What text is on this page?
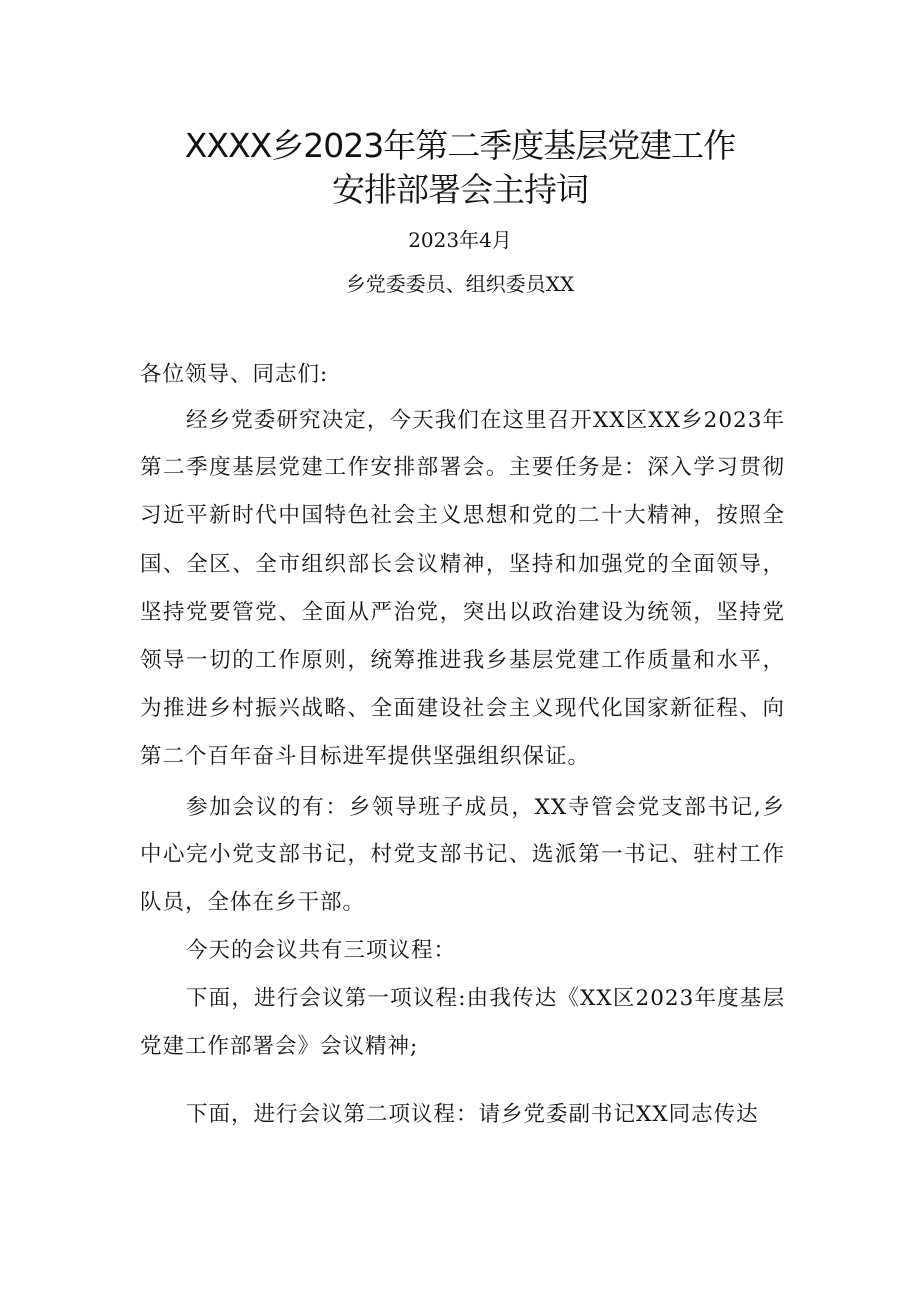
XXXX乡2023年第二季度基层党建工作
安排部署会主持词
2023年4月
乡党委委员、组织委员XX
各位领导、同志们:
经乡党委研究决定，今天我们在这里召开XX区XX乡2023年
第二季度基层党建工作安排部署会。主要任务是：深入学习贯彻
习近平新时代中国特色社会主义思想和党的二十大精神，按照全
国、全区、全市组织部长会议精神，坚持和加强党的全面领导，
坚持党要管党、全面从严治党，突出以政治建设为统领，坚持党
领导一切的工作原则，统筹推进我乡基层党建工作质量和水平，
为推进乡村振兴战略、全面建设社会主义现代化国家新征程、向
第二个百年奋斗目标进军提供坚强组织保证。
参加会议的有：乡领导班子成员，XX寺管会党支部书记,乡
中心完小党支部书记，村党支部书记、选派第一书记、驻村工作
队员，全体在乡干部。
今天的会议共有三项议程：
下面，进行会议第一项议程:由我传达《XX区2023年度基层
党建工作部署会》会议精神;
下面，进行会议第二项议程：请乡党委副书记XX同志传达
